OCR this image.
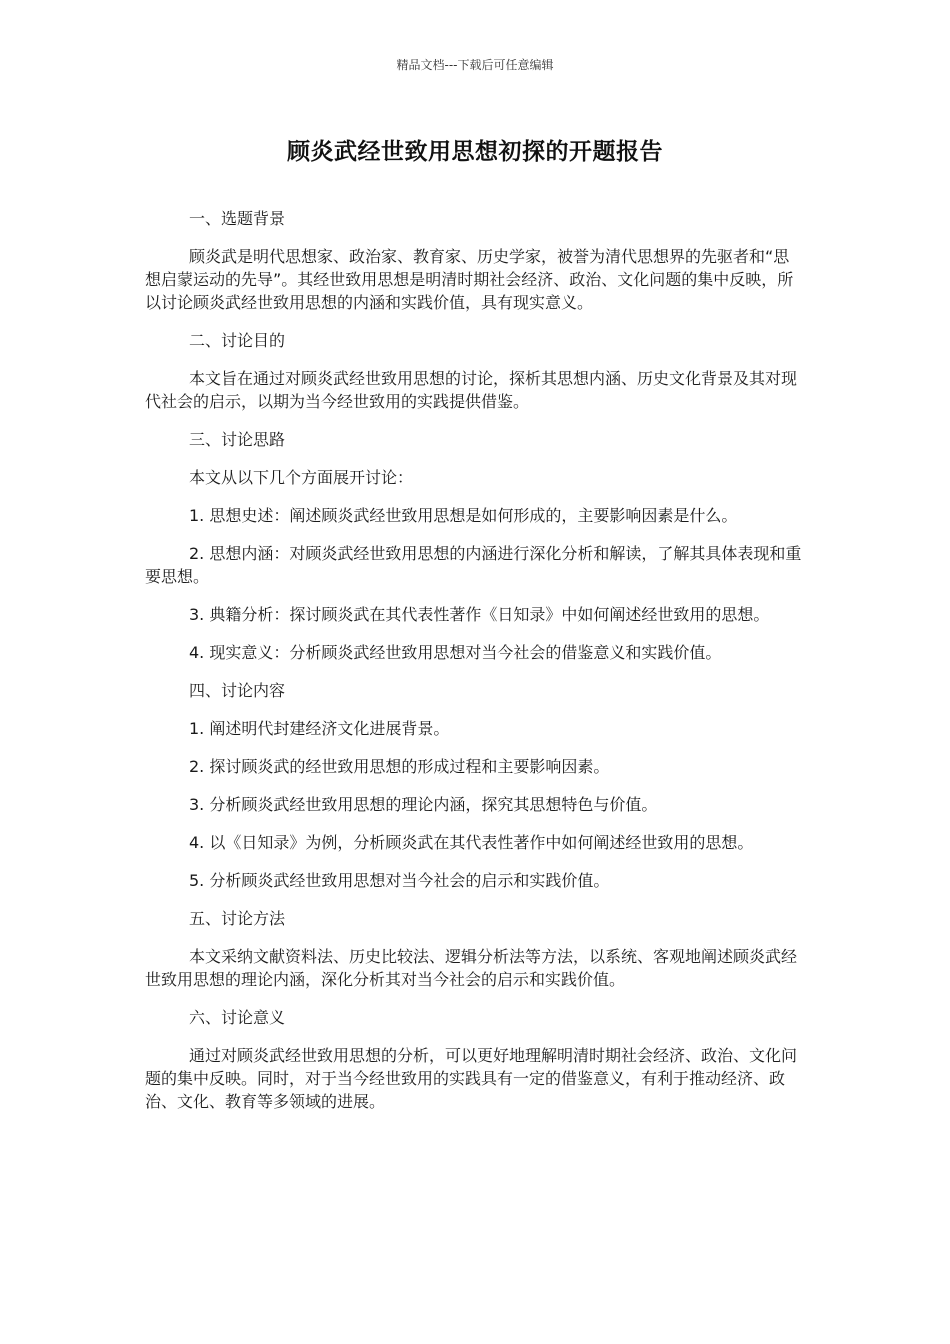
精品文档---下载后可任意编辑
顾炎武经世致用思想初探的开题报告

一、选题背景

顾炎武是明代思想家、政治家、教育家、历史学家，被誉为清代思想界的先驱者和“思想启蒙运动的先导”。其经世致用思想是明清时期社会经济、政治、文化问题的集中反映，所以讨论顾炎武经世致用思想的内涵和实践价值，具有现实意义。

二、讨论目的

本文旨在通过对顾炎武经世致用思想的讨论，探析其思想内涵、历史文化背景及其对现代社会的启示，以期为当今经世致用的实践提供借鉴。

三、讨论思路

本文从以下几个方面展开讨论：

1. 思想史述：阐述顾炎武经世致用思想是如何形成的，主要影响因素是什么。

2. 思想内涵：对顾炎武经世致用思想的内涵进行深化分析和解读，了解其具体表现和重要思想。

3. 典籍分析：探讨顾炎武在其代表性著作《日知录》中如何阐述经世致用的思想。

4. 现实意义：分析顾炎武经世致用思想对当今社会的借鉴意义和实践价值。

四、讨论内容

1. 阐述明代封建经济文化进展背景。

2. 探讨顾炎武的经世致用思想的形成过程和主要影响因素。

3. 分析顾炎武经世致用思想的理论内涵，探究其思想特色与价值。

4. 以《日知录》为例，分析顾炎武在其代表性著作中如何阐述经世致用的思想。

5. 分析顾炎武经世致用思想对当今社会的启示和实践价值。

五、讨论方法

本文采纳文献资料法、历史比较法、逻辑分析法等方法，以系统、客观地阐述顾炎武经世致用思想的理论内涵，深化分析其对当今社会的启示和实践价值。

六、讨论意义

通过对顾炎武经世致用思想的分析，可以更好地理解明清时期社会经济、政治、文化问题的集中反映。同时，对于当今经世致用的实践具有一定的借鉴意义，有利于推动经济、政治、文化、教育等多领域的进展。
